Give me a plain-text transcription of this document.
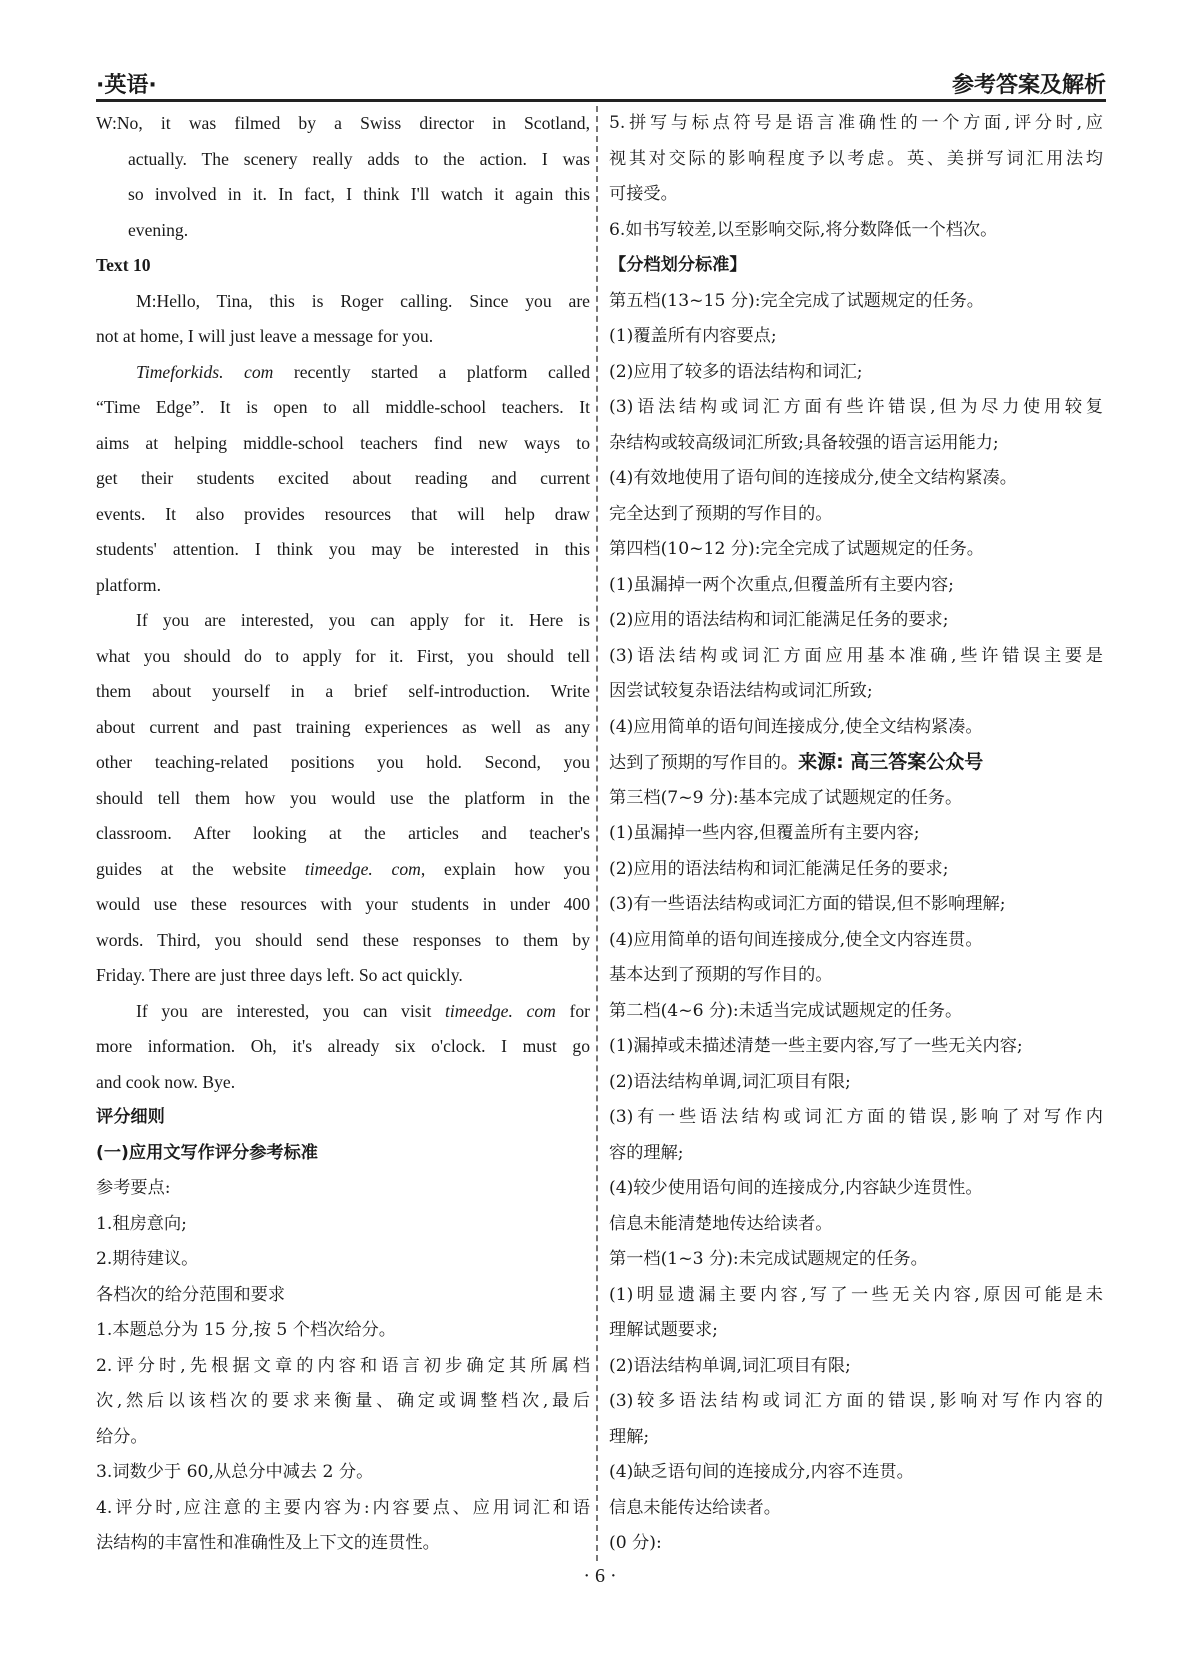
·英语·	参考答案及解析
W:No, it was filmed by a Swiss director in Scotland,
actually. The scenery really adds to the action. I was
so involved in it. In fact, I think I'll watch it again this
evening.
Text 10
M:Hello, Tina, this is Roger calling. Since you are
not at home, I will just leave a message for you.
Timeforkids. com recently started a platform called
“Time Edge”. It is open to all middle-school teachers. It
aims at helping middle-school teachers find new ways to
get their students excited about reading and current
events. It also provides resources that will help draw
students' attention. I think you may be interested in this
platform.
If you are interested, you can apply for it. Here is
what you should do to apply for it. First, you should tell
them about yourself in a brief self-introduction. Write
about current and past training experiences as well as any
other teaching-related positions you hold. Second, you
should tell them how you would use the platform in the
classroom. After looking at the articles and teacher's
guides at the website timeedge. com, explain how you
would use these resources with your students in under 400
words. Third, you should send these responses to them by
Friday. There are just three days left. So act quickly.
If you are interested, you can visit timeedge. com for
more information. Oh, it's already six o'clock. I must go
and cook now. Bye.
评分细则
(一)应用文写作评分参考标准
参考要点:
1.租房意向;
2.期待建议。
各档次的给分范围和要求
1.本题总分为 15 分,按 5 个档次给分。
2.评分时,先根据文章的内容和语言初步确定其所属档
次,然后以该档次的要求来衡量、确定或调整档次,最后
给分。
3.词数少于 60,从总分中减去 2 分。
4.评分时,应注意的主要内容为:内容要点、应用词汇和语
法结构的丰富性和准确性及上下文的连贯性。
5.拼写与标点符号是语言准确性的一个方面,评分时,应
视其对交际的影响程度予以考虑。英、美拼写词汇用法均
可接受。
6.如书写较差,以至影响交际,将分数降低一个档次。
【分档划分标准】
第五档(13~15 分):完全完成了试题规定的任务。
(1)覆盖所有内容要点;
(2)应用了较多的语法结构和词汇;
(3)语法结构或词汇方面有些许错误,但为尽力使用较复
杂结构或较高级词汇所致;具备较强的语言运用能力;
(4)有效地使用了语句间的连接成分,使全文结构紧凑。
完全达到了预期的写作目的。
第四档(10~12 分):完全完成了试题规定的任务。
(1)虽漏掉一两个次重点,但覆盖所有主要内容;
(2)应用的语法结构和词汇能满足任务的要求;
(3)语法结构或词汇方面应用基本准确,些许错误主要是
因尝试较复杂语法结构或词汇所致;
(4)应用简单的语句间连接成分,使全文结构紧凑。
达到了预期的写作目的。来源: 高三答案公众号
第三档(7~9 分):基本完成了试题规定的任务。
(1)虽漏掉一些内容,但覆盖所有主要内容;
(2)应用的语法结构和词汇能满足任务的要求;
(3)有一些语法结构或词汇方面的错误,但不影响理解;
(4)应用简单的语句间连接成分,使全文内容连贯。
基本达到了预期的写作目的。
第二档(4~6 分):未适当完成试题规定的任务。
(1)漏掉或未描述清楚一些主要内容,写了一些无关内容;
(2)语法结构单调,词汇项目有限;
(3)有一些语法结构或词汇方面的错误,影响了对写作内
容的理解;
(4)较少使用语句间的连接成分,内容缺少连贯性。
信息未能清楚地传达给读者。
第一档(1~3 分):未完成试题规定的任务。
(1)明显遗漏主要内容,写了一些无关内容,原因可能是未
理解试题要求;
(2)语法结构单调,词汇项目有限;
(3)较多语法结构或词汇方面的错误,影响对写作内容的
理解;
(4)缺乏语句间的连接成分,内容不连贯。
信息未能传达给读者。
(0 分):
· 6 ·
